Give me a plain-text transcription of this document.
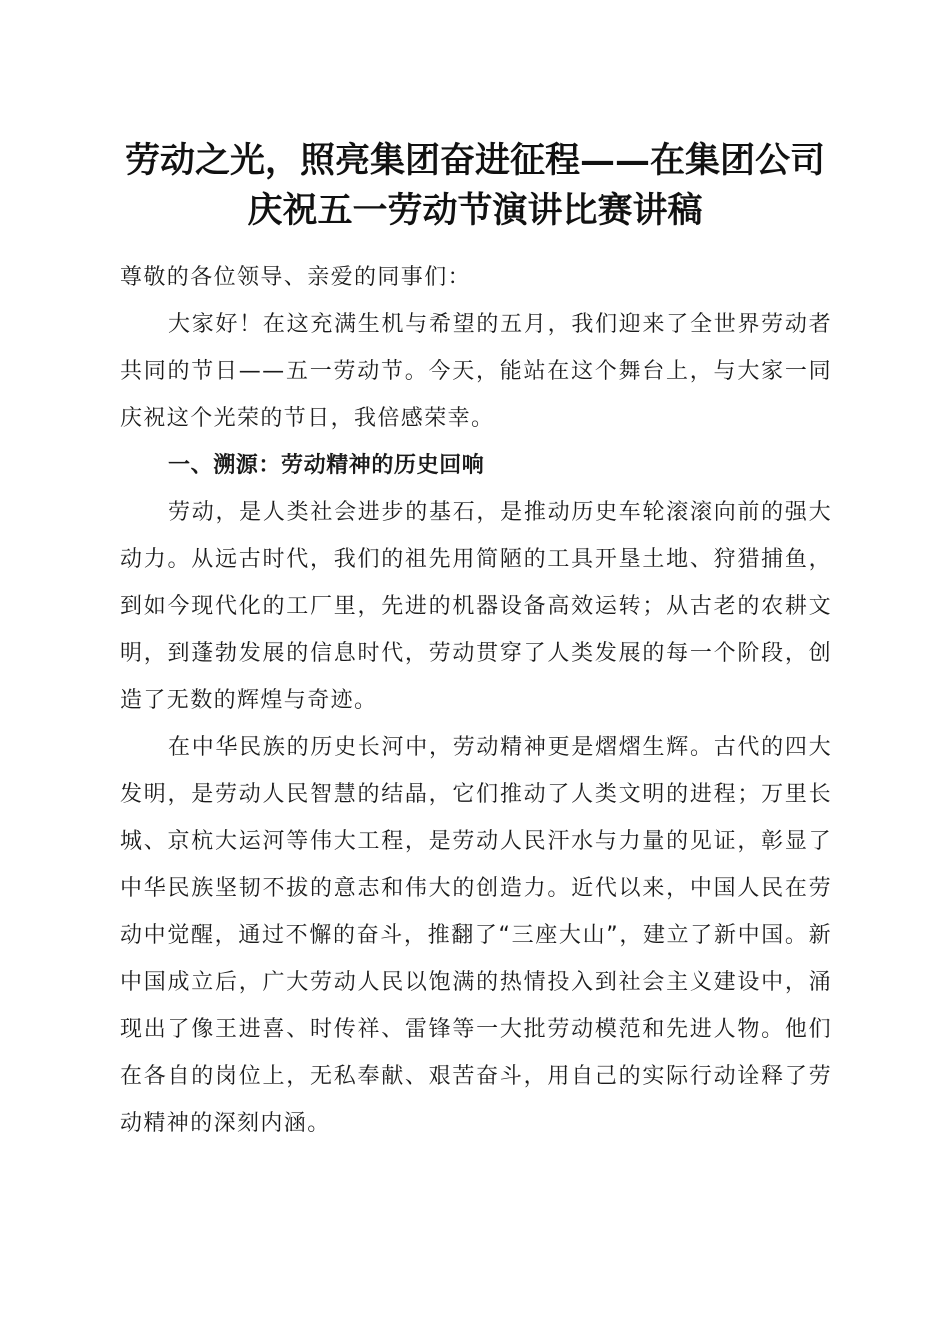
劳动之光，照亮集团奋进征程——在集团公司
庆祝五一劳动节演讲比赛讲稿

尊敬的各位领导、亲爱的同事们：

大家好！在这充满生机与希望的五月，我们迎来了全世界劳动者共同的节日——五一劳动节。今天，能站在这个舞台上，与大家一同庆祝这个光荣的节日，我倍感荣幸。

一、溯源：劳动精神的历史回响

劳动，是人类社会进步的基石，是推动历史车轮滚滚向前的强大动力。从远古时代，我们的祖先用简陋的工具开垦土地、狩猎捕鱼，到如今现代化的工厂里，先进的机器设备高效运转；从古老的农耕文明，到蓬勃发展的信息时代，劳动贯穿了人类发展的每一个阶段，创造了无数的辉煌与奇迹。

在中华民族的历史长河中，劳动精神更是熠熠生辉。古代的四大发明，是劳动人民智慧的结晶，它们推动了人类文明的进程；万里长城、京杭大运河等伟大工程，是劳动人民汗水与力量的见证，彰显了中华民族坚韧不拔的意志和伟大的创造力。近代以来，中国人民在劳动中觉醒，通过不懈的奋斗，推翻了“三座大山”，建立了新中国。新中国成立后，广大劳动人民以饱满的热情投入到社会主义建设中，涌现出了像王进喜、时传祥、雷锋等一大批劳动模范和先进人物。他们在各自的岗位上，无私奉献、艰苦奋斗，用自己的实际行动诠释了劳动精神的深刻内涵。
